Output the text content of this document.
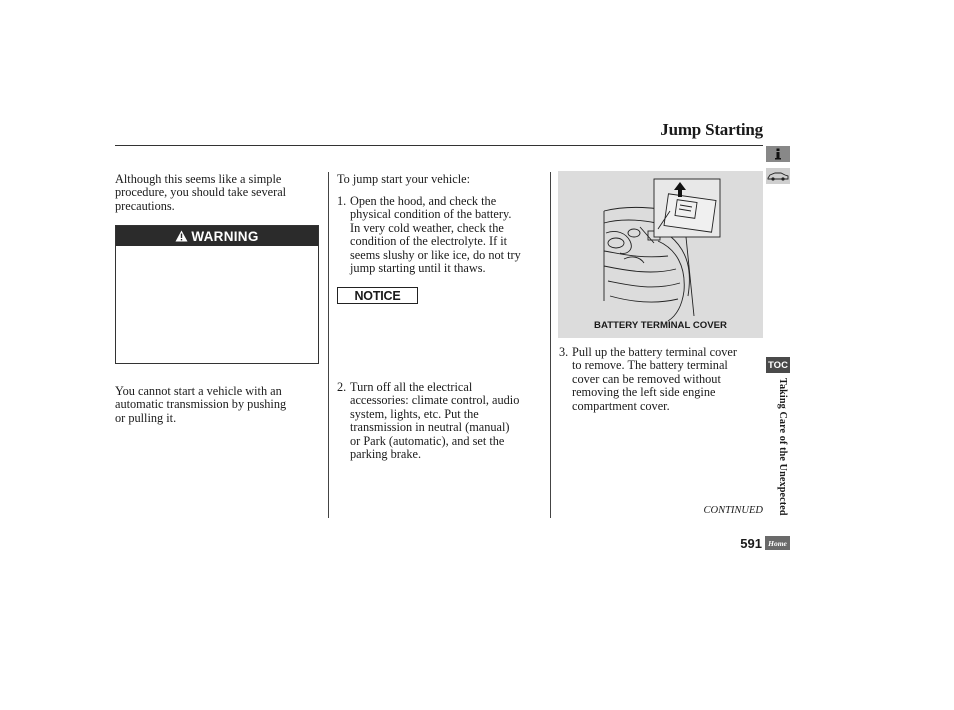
Jump Starting
Although this seems like a simple
procedure, you should take several
precautions.
WARNING
You cannot start a vehicle with an
automatic transmission by pushing
or pulling it.
To jump start your vehicle:
1. Open the hood, and check the
physical condition of the battery.
In very cold weather, check the
condition of the electrolyte. If it
seems slushy or like ice, do not try
jump starting until it thaws.
NOTICE
2. Turn off all the electrical
accessories: climate control, audio
system, lights, etc. Put the
transmission in neutral (manual)
or Park (automatic), and set the
parking brake.
BATTERY TERMINAL COVER
3. Pull up the battery terminal cover
to remove. The battery terminal
cover can be removed without
removing the left side engine
compartment cover.
CONTINUED
591
TOC
Taking Care of the Unexpected
Home
